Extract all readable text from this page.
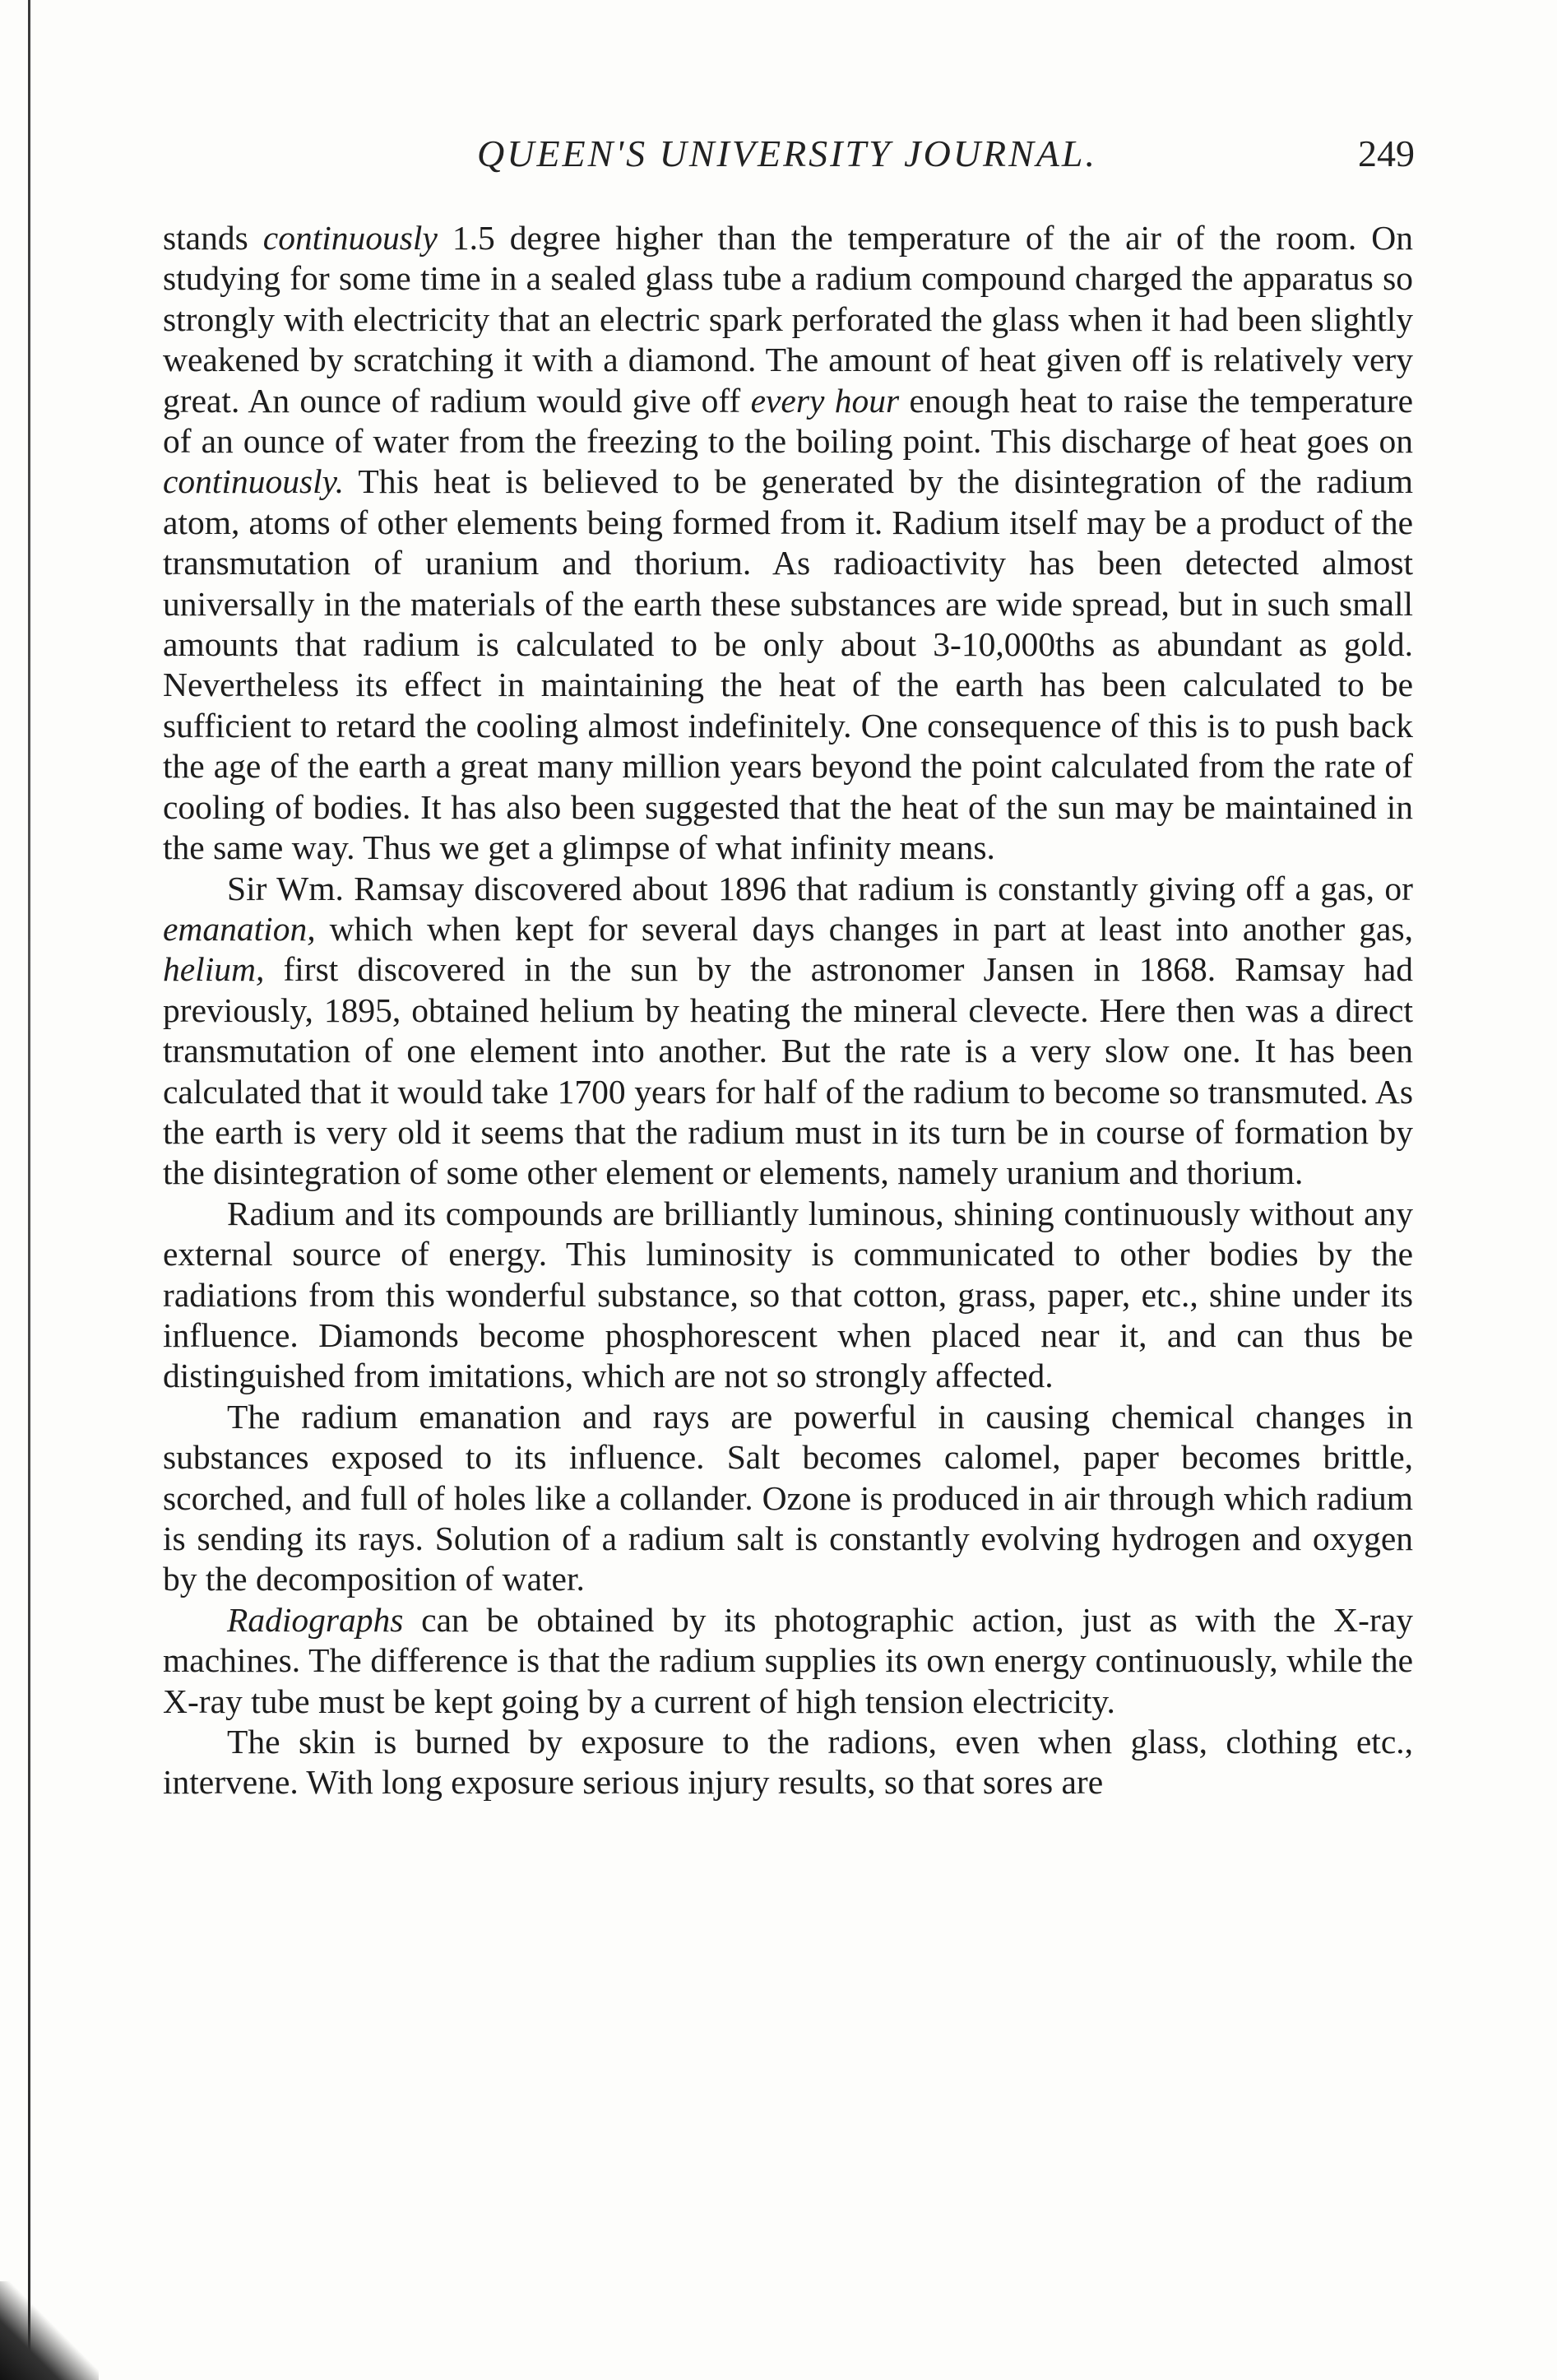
QUEEN'S UNIVERSITY JOURNAL.	249

stands continuously 1.5 degree higher than the temperature of the air of the room. On studying for some time in a sealed glass tube a radium compound charged the apparatus so strongly with electricity that an electric spark perforated the glass when it had been slightly weakened by scratching it with a diamond. The amount of heat given off is relatively very great. An ounce of radium would give off every hour enough heat to raise the temperature of an ounce of water from the freezing to the boiling point. This discharge of heat goes on continuously. This heat is believed to be generated by the disintegration of the radium atom, atoms of other elements being formed from it. Radium itself may be a product of the transmutation of uranium and thorium. As radioactivity has been detected almost universally in the materials of the earth these substances are wide spread, but in such small amounts that radium is calculated to be only about 3-10,000ths as abundant as gold. Nevertheless its effect in maintaining the heat of the earth has been calculated to be sufficient to retard the cooling almost indefinitely. One consequence of this is to push back the age of the earth a great many million years beyond the point calculated from the rate of cooling of bodies. It has also been suggested that the heat of the sun may be maintained in the same way. Thus we get a glimpse of what infinity means.

Sir Wm. Ramsay discovered about 1896 that radium is constantly giving off a gas, or emanation, which when kept for several days changes in part at least into another gas, helium, first discovered in the sun by the astronomer Jansen in 1868. Ramsay had previously, 1895, obtained helium by heating the mineral clevecte. Here then was a direct transmutation of one element into another. But the rate is a very slow one. It has been calculated that it would take 1700 years for half of the radium to become so transmuted. As the earth is very old it seems that the radium must in its turn be in course of formation by the disintegration of some other element or elements, namely uranium and thorium.

Radium and its compounds are brilliantly luminous, shining continuously without any external source of energy. This luminosity is communicated to other bodies by the radiations from this wonderful substance, so that cotton, grass, paper, etc., shine under its influence. Diamonds become phosphorescent when placed near it, and can thus be distinguished from imitations, which are not so strongly affected.

The radium emanation and rays are powerful in causing chemical changes in substances exposed to its influence. Salt becomes calomel, paper becomes brittle, scorched, and full of holes like a collander. Ozone is produced in air through which radium is sending its rays. Solution of a radium salt is constantly evolving hydrogen and oxygen by the decomposition of water.

Radiographs can be obtained by its photographic action, just as with the X-ray machines. The difference is that the radium supplies its own energy continuously, while the X-ray tube must be kept going by a current of high tension electricity.

The skin is burned by exposure to the radions, even when glass, clothing etc., intervene. With long exposure serious injury results, so that sores are
